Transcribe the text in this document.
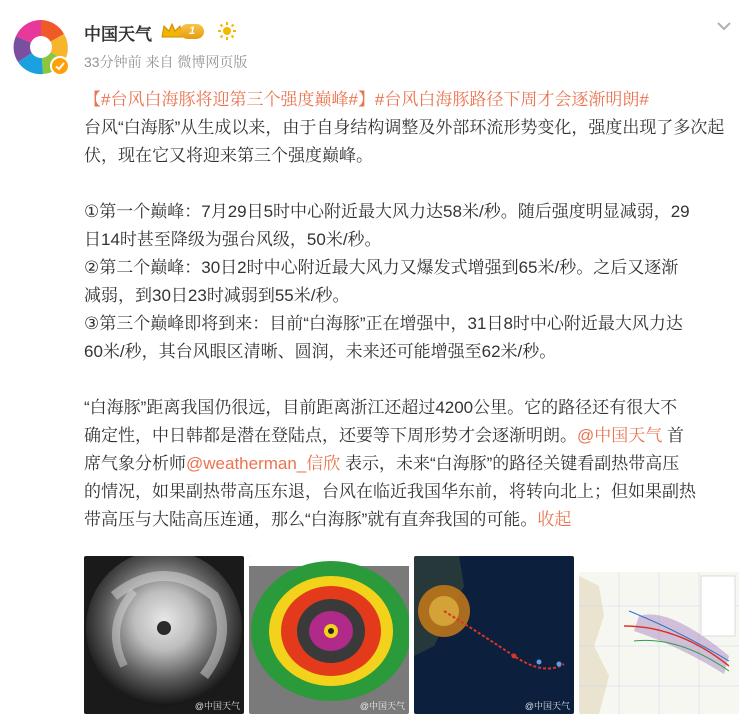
中国天气	1
33分钟前 来自 微博网页版

【#台风白海豚将迎第三个强度巅峰#】#台风白海豚路径下周才会逐渐明朗#

台风“白海豚”从生成以来，由于自身结构调整及外部环流形势变化，强度出现了多次起伏，现在它又将迎来第三个强度巅峰。

①第一个巅峰：7月29日5时中心附近最大风力达58米/秒。随后强度明显减弱，29

日14时甚至降级为强台风级，50米/秒。

②第二个巅峰：30日2时中心附近最大风力又爆发式增强到65米/秒。之后又逐渐

减弱，到30日23时减弱到55米/秒。

③第三个巅峰即将到来：目前“白海豚”正在增强中，31日8时中心附近最大风力达

60米/秒，其台风眼区清晰、圆润，未来还可能增强至62米/秒。

“白海豚”距离我国仍很远，目前距离浙江还超过4200公里。它的路径还有很大不

确定性，中日韩都是潜在登陆点，还要等下周形势才会逐渐明朗。@中国天气 首

席气象分析师@weatherman_信欣 表示，未来“白海豚”的路径关键看副热带高压

的情况，如果副热带高压东退，台风在临近我国华东前，将转向北上；但如果副热

带高压与大陆高压连通，那么“白海豚”就有直奔我国的可能。收起

@中国天气	@中国天气	@中国天气
